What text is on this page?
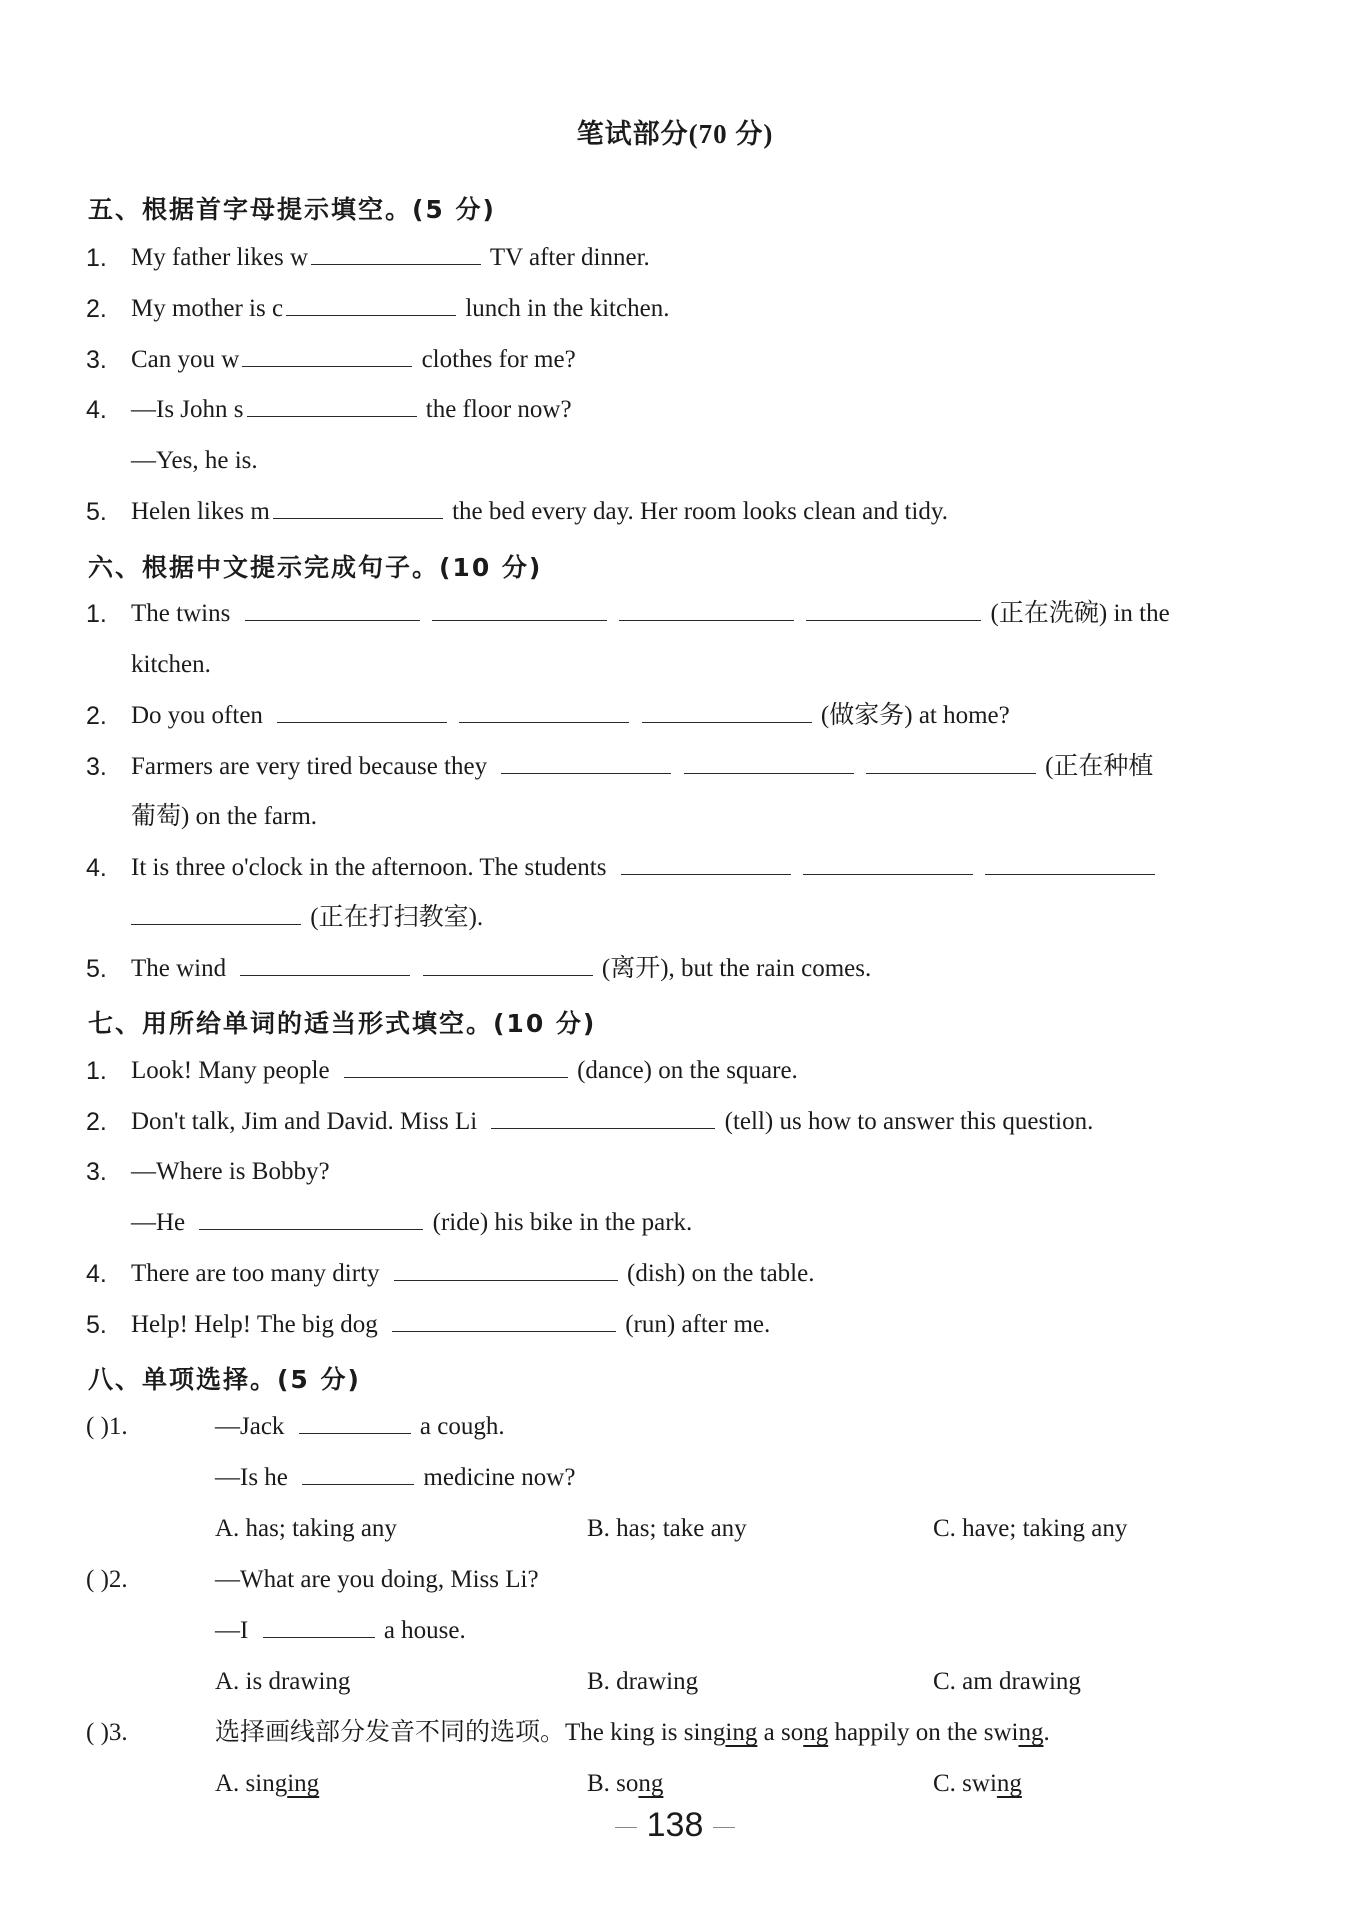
笔试部分(70 分)
五、根据首字母提示填空。(5 分)
1. My father likes w	TV after dinner.
2. My mother is c	lunch in the kitchen.
3. Can you w	clothes for me?
4. —Is John s	the floor now?
—Yes, he is.
5. Helen likes m	the bed every day. Her room looks clean and tidy.
六、根据中文提示完成句子。(10 分)
1. The twins	(正在洗碗) in the
kitchen.
2. Do you often	(做家务) at home?
3. Farmers are very tired because they	(正在种植
葡萄) on the farm.
4. It is three o'clock in the afternoon. The students
(正在打扫教室).
5. The wind	(离开), but the rain comes.
七、用所给单词的适当形式填空。(10 分)
1. Look! Many people	(dance) on the square.
2. Don't talk, Jim and David. Miss Li	(tell) us how to answer this question.
3. —Where is Bobby?
—He	(ride) his bike in the park.
4. There are too many dirty	(dish) on the table.
5. Help! Help! The big dog	(run) after me.
八、单项选择。(5 分)
( )1.	—Jack	a cough.
—Is he	medicine now?
A. has; taking any	B. has; take any	C. have; taking any
( )2.	—What are you doing, Miss Li?
—I	a house.
A. is drawing	B. drawing	C. am drawing
( )3.	选择画线部分发音不同的选项。The king is singing a song happily on the swing.
A. singing	B. song	C. swing
138
